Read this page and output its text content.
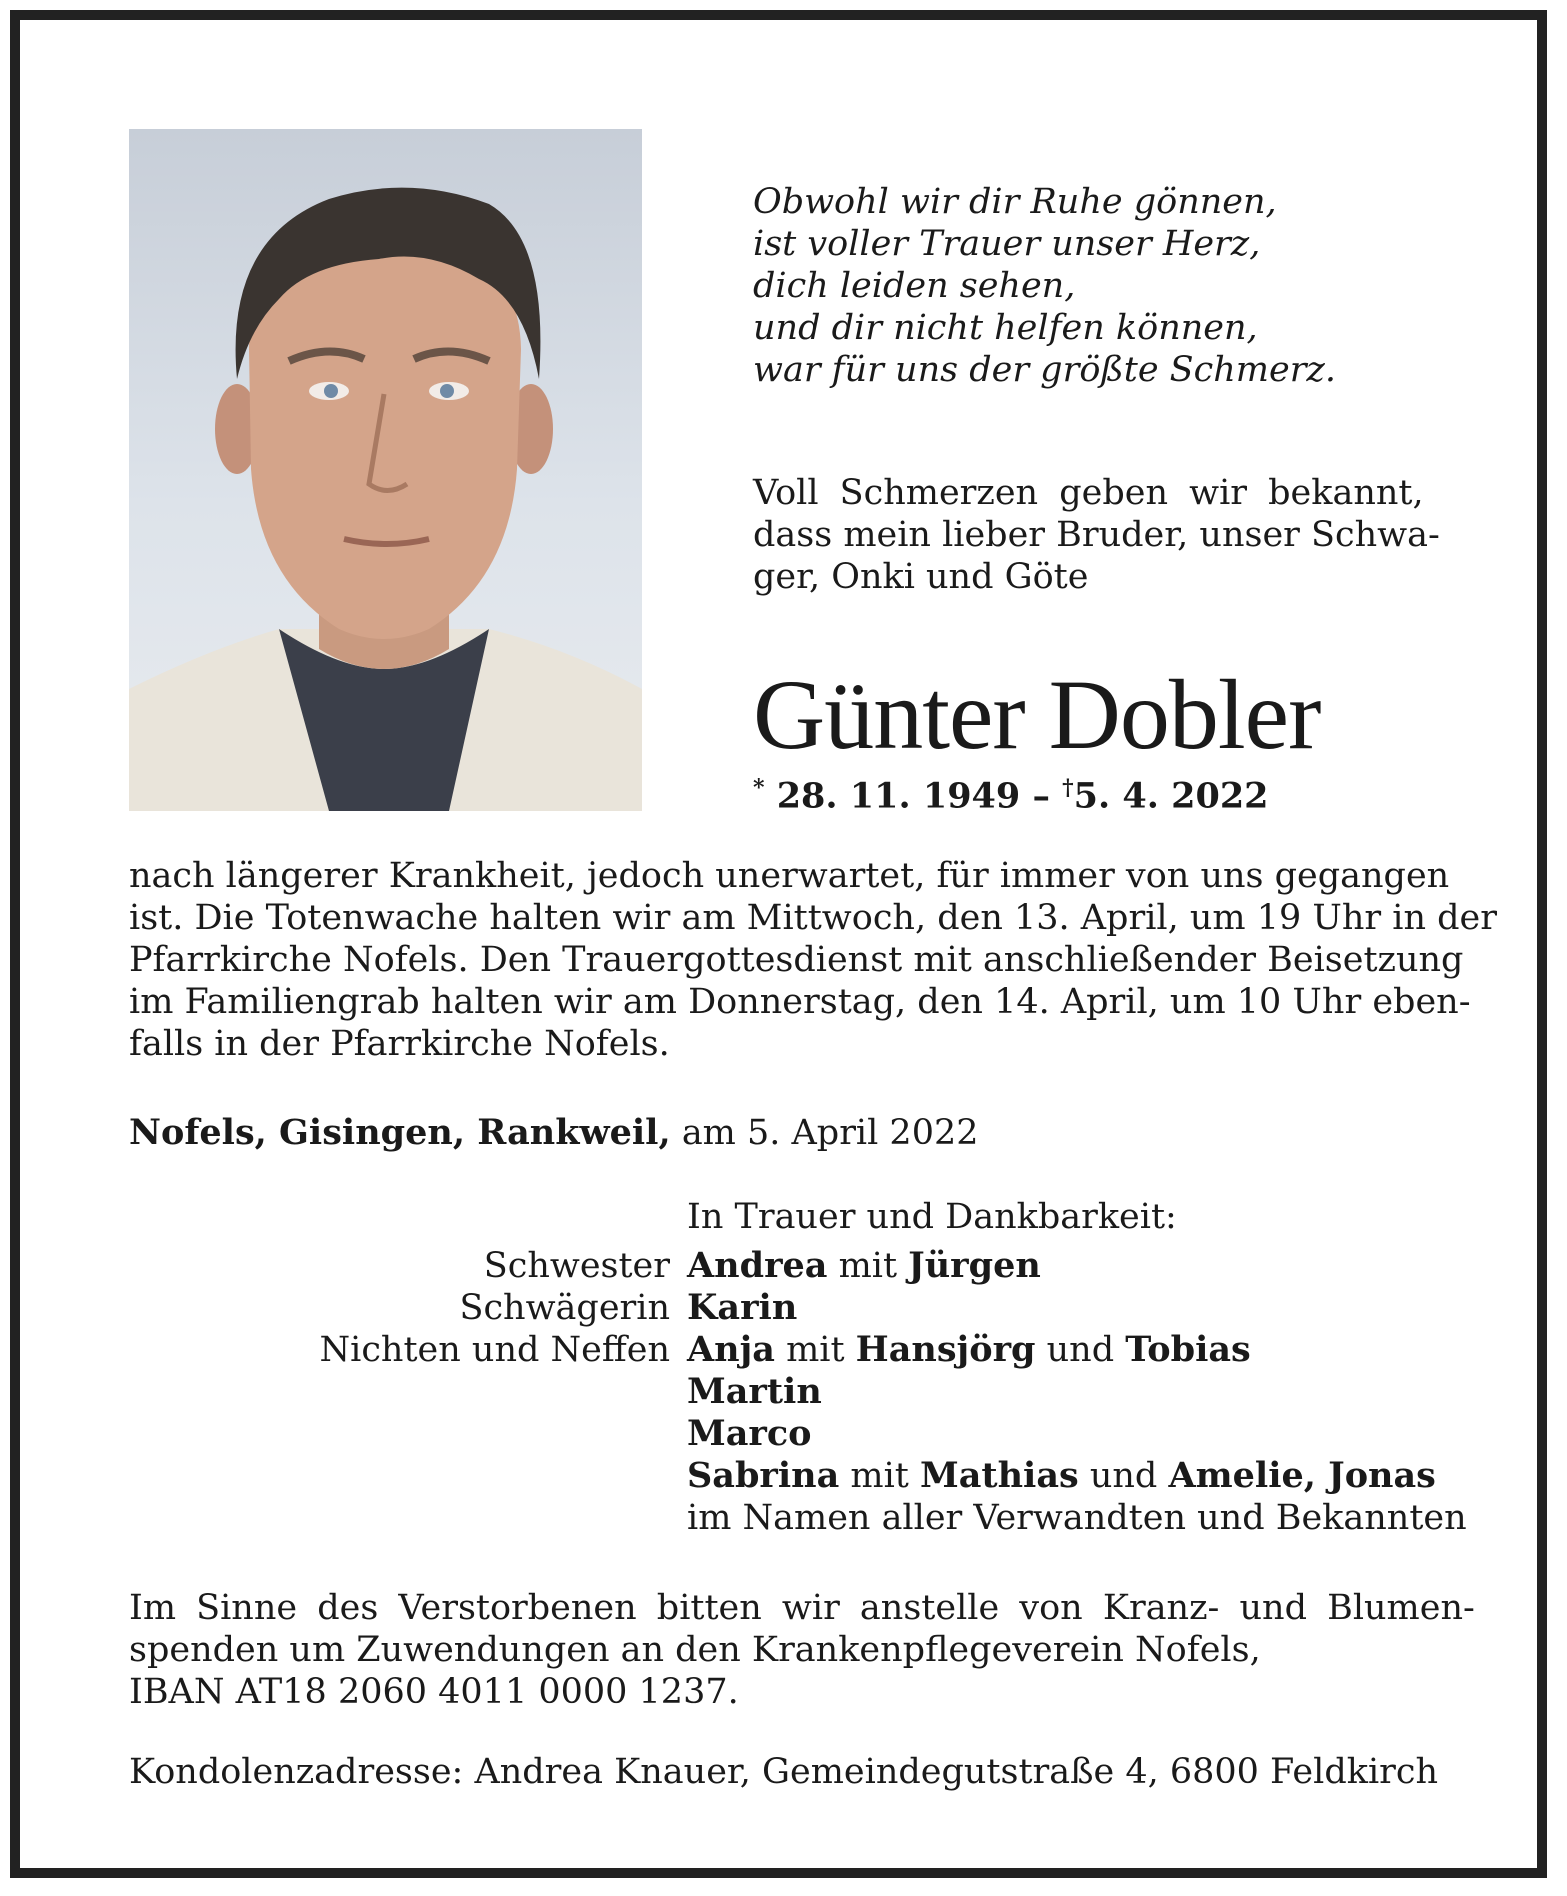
Obwohl wir dir Ruhe gönnen,
ist voller Trauer unser Herz,
dich leiden sehen,
und dir nicht helfen können,
war für uns der größte Schmerz.
Voll Schmerzen geben wir bekannt,
dass mein lieber Bruder, unser Schwa-
ger, Onki und Göte
Günter Dobler
* 28. 11. 1949 – †5. 4. 2022
nach längerer Krankheit, jedoch unerwartet, für immer von uns gegangen
ist. Die Totenwache halten wir am Mittwoch, den 13. April, um 19 Uhr in der
Pfarrkirche Nofels. Den Trauergottesdienst mit anschließender Beisetzung
im Familiengrab halten wir am Donnerstag, den 14. April, um 10 Uhr eben-
falls in der Pfarrkirche Nofels.
Nofels, Gisingen, Rankweil, am 5. April 2022
In Trauer und Dankbarkeit:
Schwester Andrea mit Jürgen
Schwägerin Karin
Nichten und Neffen Anja mit Hansjörg und Tobias
Martin
Marco
Sabrina mit Mathias und Amelie, Jonas
im Namen aller Verwandten und Bekannten
Im Sinne des Verstorbenen bitten wir anstelle von Kranz- und Blumen-
spenden um Zuwendungen an den Krankenpflegeverein Nofels,
IBAN AT18 2060 4011 0000 1237.
Kondolenzadresse: Andrea Knauer, Gemeindegutstraße 4, 6800 Feldkirch
